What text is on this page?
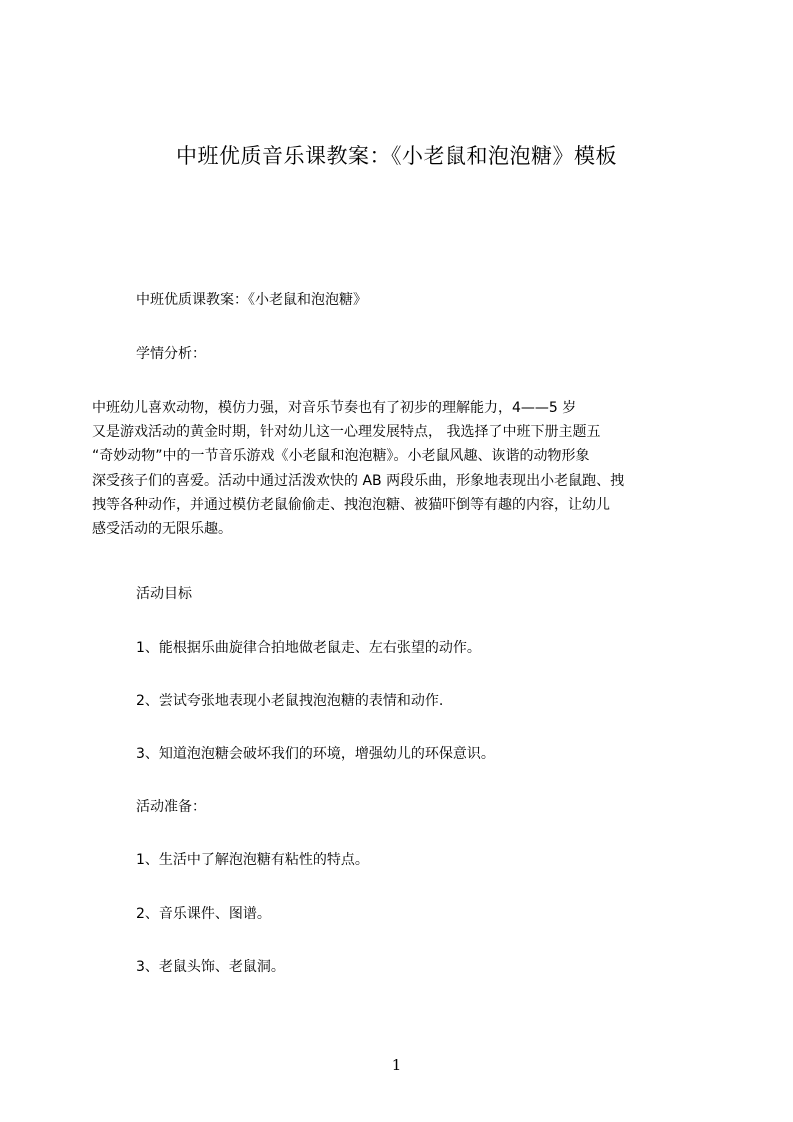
中班优质音乐课教案：《小老鼠和泡泡糖》模板
中班优质课教案：《小老鼠和泡泡糖》
学情分析：
中班幼儿喜欢动物，模仿力强，对音乐节奏也有了初步的理解能力，4——5 岁
又是游戏活动的黄金时期，针对幼儿这一心理发展特点， 我选择了中班下册主题五
“奇妙动物”中的一节音乐游戏《小老鼠和泡泡糖》。小老鼠风趣、诙谐的动物形象
深受孩子们的喜爱。活动中通过活泼欢快的 AB 两段乐曲，形象地表现出小老鼠跑、拽
拽等各种动作，并通过模仿老鼠偷偷走、拽泡泡糖、被猫吓倒等有趣的内容，让幼儿
感受活动的无限乐趣。
活动目标
1、能根据乐曲旋律合拍地做老鼠走、左右张望的动作。
2、尝试夸张地表现小老鼠拽泡泡糖的表情和动作.
3、知道泡泡糖会破坏我们的环境，增强幼儿的环保意识。
活动准备：
1、生活中了解泡泡糖有粘性的特点。
2、音乐课件、图谱。
3、老鼠头饰、老鼠洞。
1
